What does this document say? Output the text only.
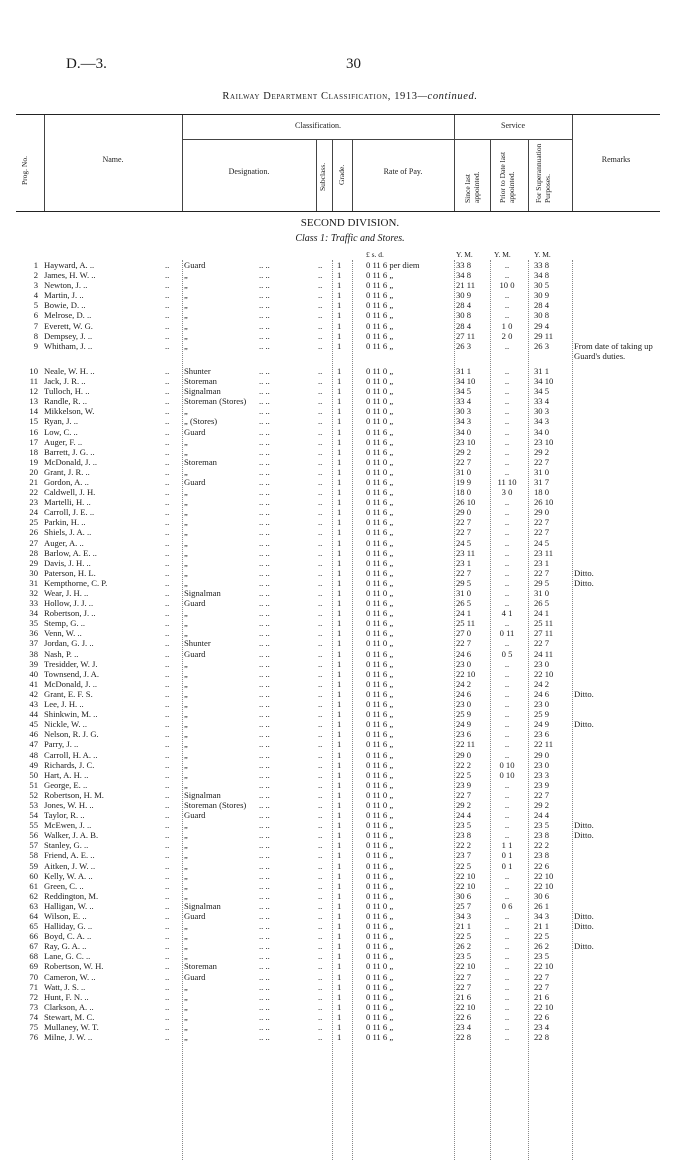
D.—3.	30
Railway Department Classification, 1913—continued.
Prog. No.	Name.
Classification.
Designation.	Subclass. Grade.	Rate of Pay.
Service
Since last appointed. Prior to Date last appointed. For Superannuation Purposes.
Remarks
SECOND DIVISION.
Class 1: Traffic and Stores.
£ s. d.	Y. M.	Y. M.	Y. M.
1 Hayward, A. ..	Guard	.. 1	0 11 6 per diem	33 8	..	33 8
..	.. ..
2 James, H. W. ..	„	.. 1	0 11 6 „	34 8	..	34 8
..	.. ..
3 Newton, J. ..	„	.. 1	0 11 6 „	21 11	10 0	30 5
..	.. ..
4 Martin, J. ..	„	.. 1	0 11 6 „	30 9	..	30 9
..	.. ..
5 Bowie, D. ..	„	.. 1	0 11 6 „	28 4	..	28 4
..	.. ..
6 Melrose, D. ..	„	.. 1	0 11 6 „	30 8	..	30 8
..	.. ..
7 Everett, W. G.	„	.. 1	0 11 6 „	28 4	1 0	29 4
..	.. ..
8 Dempsey, J. ..	„	.. 1	0 11 6 „	27 11	2 0	29 11
..	.. ..
9 Whitham, J. ..	„	.. 1	0 11 6 „	26 3	..	26 3	From date of taking up
..	.. ..
Guard's duties.
10 Neale, W. H. ..	Shunter	.. 1	0 11 0 „	31 1	..	31 1
..	.. ..
11 Jack, J. R. ..	Storeman	.. 1	0 11 0 „	34 10	..	34 10
..	.. ..
12 Tulloch, H. ..	Signalman	.. 1	0 11 0 „	34 5	..	34 5
..	.. ..
13 Randle, R. ..	Storeman (Stores)	.. 1	0 11 0 „	33 4	..	33 4
..	.. ..
14 Mikkelson, W.	„	.. 1	0 11 0 „	30 3	..	30 3
..	.. ..
15 Ryan, J. ..	„ (Stores)	.. 1	0 11 0 „	34 3	..	34 3
..	.. ..
16 Low, C. ..	Guard	.. 1	0 11 6 „	34 0	..	34 0
..	.. ..
17 Auger, F. ..	„	.. 1	0 11 6 „	23 10	..	23 10
..	.. ..
18 Barrett, J. G. ..	„	.. 1	0 11 6 „	29 2	..	29 2
..	.. ..
19 McDonald, J. ..	Storeman	.. 1	0 11 0 „	22 7	..	22 7
..	.. ..
20 Grant, J. R. ..	„	.. 1	0 11 0 „	31 0	..	31 0
..	.. ..
21 Gordon, A. ..	Guard	.. 1	0 11 6 „	19 9	11 10	31 7
..	.. ..
22 Caldwell, J. H.	„	.. 1	0 11 6 „	18 0	3 0	18 0
..	.. ..
23 Martelli, H. ..	„	.. 1	0 11 6 „	26 10	..	26 10
..	.. ..
24 Carroll, J. E. ..	„	.. 1	0 11 6 „	29 0	..	29 0
..	.. ..
25 Parkin, H. ..	„	.. 1	0 11 6 „	22 7	..	22 7
..	.. ..
26 Shiels, J. A. ..	„	.. 1	0 11 6 „	22 7	..	22 7
..	.. ..
27 Auger, A. ..	„	.. 1	0 11 6 „	24 5	..	24 5
..	.. ..
28 Barlow, A. E. ..	„	.. 1	0 11 6 „	23 11	..	23 11
..	.. ..
29 Davis, J. H. ..	„	.. 1	0 11 6 „	23 1	..	23 1
..	.. ..
30 Paterson, H. L.	„	.. 1	0 11 6 „	22 7	..	22 7	Ditto.
..	.. ..
31 Kempthorne, C. P.	„	.. 1	0 11 6 „	29 5	..	29 5	Ditto.
..	.. ..
32 Wear, J. H. ..	Signalman	.. 1	0 11 0 „	31 0	..	31 0
..	.. ..
33 Hollow, J. J. ..	Guard	.. 1	0 11 6 „	26 5	..	26 5
..	.. ..
34 Robertson, J. ..	„	.. 1	0 11 6 „	24 1	4 1	24 1
..	.. ..
35 Stemp, G. ..	„	.. 1	0 11 6 „	25 11	..	25 11
..	.. ..
36 Venn, W. ..	„	.. 1	0 11 6 „	27 0	0 11	27 11
..	.. ..
37 Jordan, G. J. ..	Shunter	.. 1	0 11 0 „	22 7	..	22 7
..	.. ..
38 Nash, P. ..	Guard	.. 1	0 11 6 „	24 6	0 5	24 11
..	.. ..
39 Tresidder, W. J.	„	.. 1	0 11 6 „	23 0	..	23 0
..	.. ..
40 Townsend, J. A.	„	.. 1	0 11 6 „	22 10	..	22 10
..	.. ..
41 McDonald, J. ..	„	.. 1	0 11 6 „	24 2	..	24 2
..	.. ..
42 Grant, E. F. S.	„	.. 1	0 11 6 „	24 6	..	24 6	Ditto.
..	.. ..
43 Lee, J. H. ..	„	.. 1	0 11 6 „	23 0	..	23 0
..	.. ..
44 Shinkwin, M. ..	„	.. 1	0 11 6 „	25 9	..	25 9
..	.. ..
45 Nickle, W. ..	„	.. 1	0 11 6 „	24 9	..	24 9	Ditto.
..	.. ..
46 Nelson, R. J. G.	„	.. 1	0 11 6 „	23 6	..	23 6
..	.. ..
47 Parry, J. ..	„	.. 1	0 11 6 „	22 11	..	22 11
..	.. ..
48 Carroll, H. A. ..	„	.. 1	0 11 6 „	29 0	..	29 0
..	.. ..
49 Richards, J. C.	„	.. 1	0 11 6 „	22 2	0 10	23 0
..	.. ..
50 Hart, A. H. ..	„	.. 1	0 11 6 „	22 5	0 10	23 3
..	.. ..
51 George, E. ..	„	.. 1	0 11 6 „	23 9	..	23 9
..	.. ..
52 Robertson, H. M.	Signalman	.. 1	0 11 0 „	22 7	..	22 7
..	.. ..
53 Jones, W. H. ..	Storeman (Stores)	.. 1	0 11 0 „	29 2	..	29 2
..	.. ..
54 Taylor, R. ..	Guard	.. 1	0 11 6 „	24 4	..	24 4
..	.. ..
55 McEwen, J. ..	„	.. 1	0 11 6 „	23 5	..	23 5	Ditto.
..	.. ..
56 Walker, J. A. B.	„	.. 1	0 11 6 „	23 8	..	23 8	Ditto.
..	.. ..
57 Stanley, G. ..	„	.. 1	0 11 6 „	22 2	1 1	22 2
..	.. ..
58 Friend, A. E. ..	„	.. 1	0 11 6 „	23 7	0 1	23 8
..	.. ..
59 Aitken, J. W. ..	„	.. 1	0 11 6 „	22 5	0 1	22 6
..	.. ..
60 Kelly, W. A. ..	„	.. 1	0 11 6 „	22 10	..	22 10
..	.. ..
61 Green, C. ..	„	.. 1	0 11 6 „	22 10	..	22 10
..	.. ..
62 Reddington, M.	„	.. 1	0 11 6 „	30 6	..	30 6
..	.. ..
63 Halligan, W. ..	Signalman	.. 1	0 11 0 „	25 7	0 6	26 1
..	.. ..
64 Wilson, E. ..	Guard	.. 1	0 11 6 „	34 3	..	34 3	Ditto.
..	.. ..
65 Halliday, G. ..	„	.. 1	0 11 6 „	21 1	..	21 1	Ditto.
..	.. ..
66 Boyd, C. A. ..	„	.. 1	0 11 6 „	22 5	..	22 5
..	.. ..
67 Ray, G. A. ..	„	.. 1	0 11 6 „	26 2	..	26 2	Ditto.
..	.. ..
68 Lane, G. C. ..	„	.. 1	0 11 6 „	23 5	..	23 5
..	.. ..
69 Robertson, W. H.	Storeman	.. 1	0 11 0 „	22 10	..	22 10
..	.. ..
70 Cameron, W. ..	Guard	.. 1	0 11 6 „	22 7	..	22 7
..	.. ..
71 Watt, J. S. ..	„	.. 1	0 11 6 „	22 7	..	22 7
..	.. ..
72 Hunt, F. N. ..	„	.. 1	0 11 6 „	21 6	..	21 6
..	.. ..
73 Clarkson, A. ..	„	.. 1	0 11 6 „	22 10	..	22 10
..	.. ..
74 Stewart, M. C.	„	.. 1	0 11 6 „	22 6	..	22 6
..	.. ..
75 Mullaney, W. T.	„	.. 1	0 11 6 „	23 4	..	23 4
..	.. ..
76 Milne, J. W. ..	„	.. 1	0 11 6 „	22 8	..	22 8
..	.. ..
